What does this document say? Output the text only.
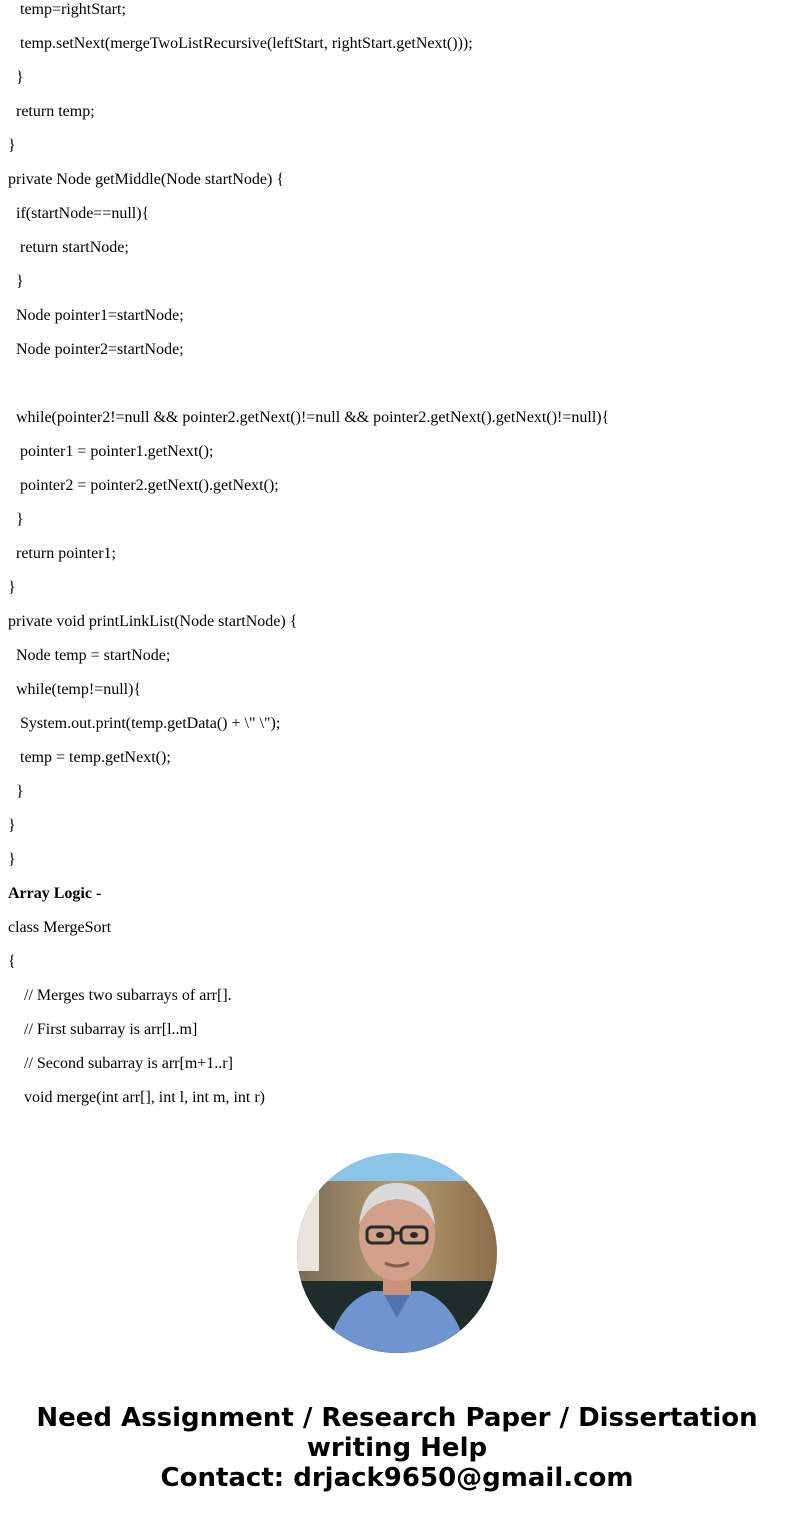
temp=rightStart;

temp.setNext(mergeTwoListRecursive(leftStart, rightStart.getNext()));

}

return temp;

}

private Node getMiddle(Node startNode) {

if(startNode==null){

return startNode;

}

Node pointer1=startNode;

Node pointer2=startNode;

while(pointer2!=null && pointer2.getNext()!=null && pointer2.getNext().getNext()!=null){

pointer1 = pointer1.getNext();

pointer2 = pointer2.getNext().getNext();

}

return pointer1;

}

private void printLinkList(Node startNode) {

Node temp = startNode;

while(temp!=null){

System.out.print(temp.getData() + \" \");

temp = temp.getNext();

}

}

}

Array Logic -

class MergeSort

{

// Merges two subarrays of arr[].

// First subarray is arr[l..m]

// Second subarray is arr[m+1..r]

void merge(int arr[], int l, int m, int r)

Need Assignment / Research Paper / Dissertation
writing Help
Contact: drjack9650@gmail.com
